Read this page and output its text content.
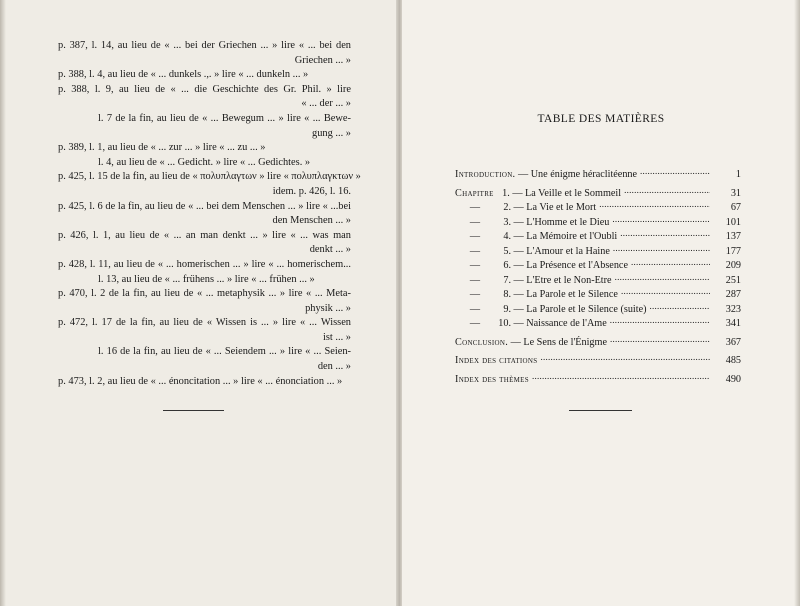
p. 387, l. 14, au lieu de « ... bei der Griechen ... » lire « ... bei den
Griechen ... »
p. 388, l. 4, au lieu de « ... dunkels .,. » lire « ... dunkeln ... »
p. 388, l. 9, au lieu de « ... die Geschichte des Gr. Phil. » lire
« ... der ... »
l. 7 de la fin, au lieu de « ... Bewegum ... » lire « ... Bewe-
gung ... »
p. 389, l. 1, au lieu de « ... zur ... » lire « ... zu ... »
l. 4, au lieu de « ... Gedicht. » lire « ... Gedichtes. »
p. 425, l. 15 de la fin, au lieu de « πολυπλαγτων » lire « πολυπλαγκτων »
idem. p. 426, l. 16.
p. 425, l. 6 de la fin, au lieu de « ... bei dem Menschen ... » lire « ...bei
den Menschen ... »
p. 426, l. 1, au lieu de « ... an man denkt ... » lire « ... was man
denkt ... »
p. 428, l. 11, au lieu de « ... homerischen ... » lire « ... homerischem...
l. 13, au lieu de « ... frühens ... » lire « ... frühen ... »
p. 470, l. 2 de la fin, au lieu de « ... metaphysik ... » lire « ... Meta-
physik ... »
p. 472, l. 17 de la fin, au lieu de « Wissen is ... » lire « ... Wissen
ist ... »
l. 16 de la fin, au lieu de « ... Seiendem ... » lire « ... Seien-
den ... »
p. 473, l. 2, au lieu de « ... énoncitation ... » lire « ... énonciation ... »
TABLE DES MATIÈRES
Introduction. — Une énigme héraclitéenne . . .	1
Chapitre 1. — La Veille et le Sommeil . . .	31
— 2. — La Vie et le Mort . . .	67
— 3. — L'Homme et le Dieu . . .	101
— 4. — La Mémoire et l'Oubli . . .	137
— 5. — L'Amour et la Haine . . .	177
— 6. — La Présence et l'Absence . . .	209
— 7. — L'Etre et le Non-Etre . . .	251
— 8. — La Parole et le Silence . . .	287
— 9. — La Parole et le Silence (suite) . . .	323
— 10. — Naissance de l'Ame . . .	341
Conclusion. — Le Sens de l'Énigme . . .	367
Index des citations . . .	485
Index des thèmes . . .	490
